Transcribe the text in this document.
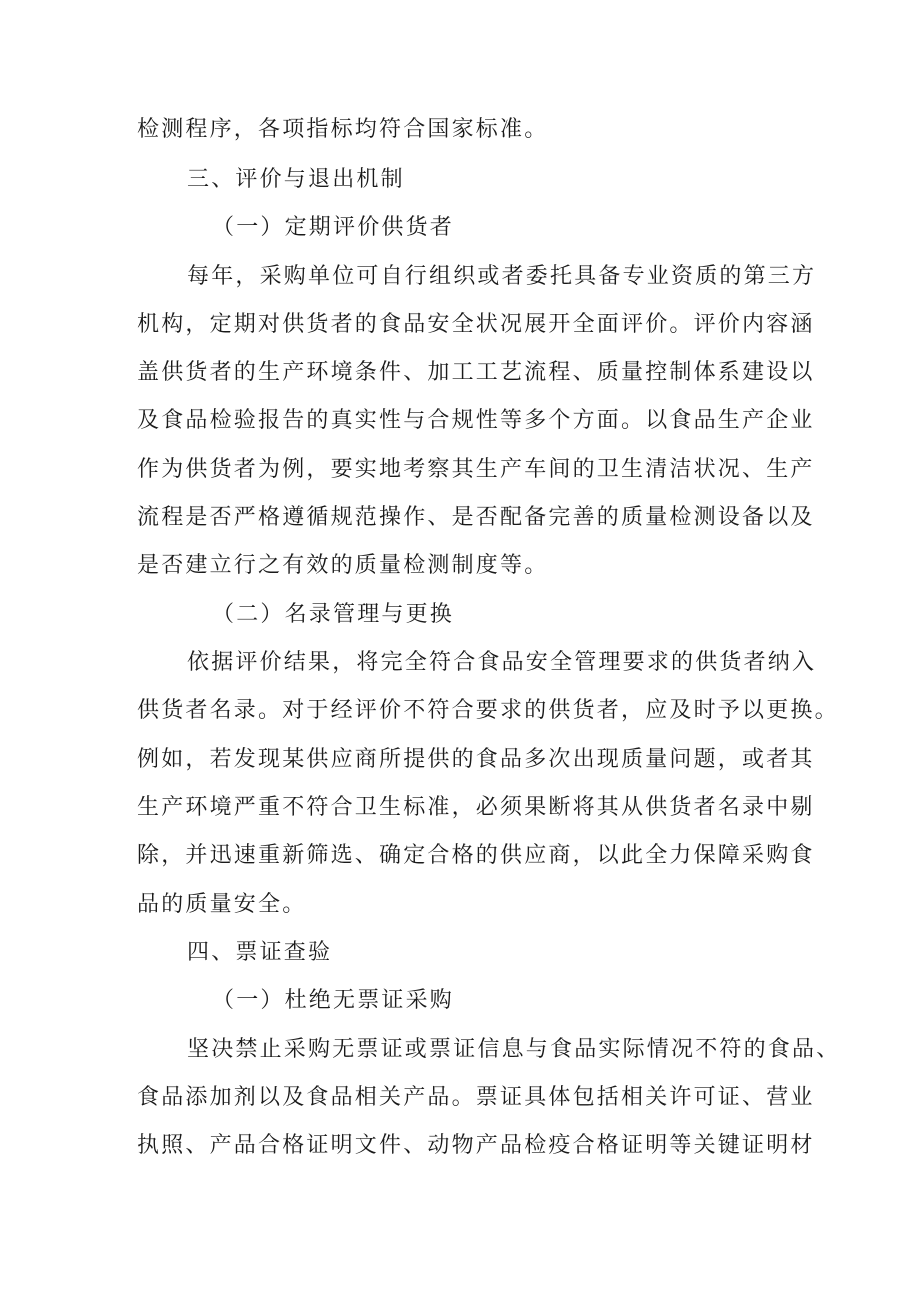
检测程序，各项指标均符合国家标准。
三、评价与退出机制
（一）定期评价供货者
每年，采购单位可自行组织或者委托具备专业资质的第三方
机构，定期对供货者的食品安全状况展开全面评价。评价内容涵
盖供货者的生产环境条件、加工工艺流程、质量控制体系建设以
及食品检验报告的真实性与合规性等多个方面。以食品生产企业
作为供货者为例，要实地考察其生产车间的卫生清洁状况、生产
流程是否严格遵循规范操作、是否配备完善的质量检测设备以及
是否建立行之有效的质量检测制度等。
（二）名录管理与更换
依据评价结果，将完全符合食品安全管理要求的供货者纳入
供货者名录。对于经评价不符合要求的供货者，应及时予以更换。
例如，若发现某供应商所提供的食品多次出现质量问题，或者其
生产环境严重不符合卫生标准，必须果断将其从供货者名录中剔
除，并迅速重新筛选、确定合格的供应商，以此全力保障采购食
品的质量安全。
四、票证查验
（一）杜绝无票证采购
坚决禁止采购无票证或票证信息与食品实际情况不符的食品、
食品添加剂以及食品相关产品。票证具体包括相关许可证、营业
执照、产品合格证明文件、动物产品检疫合格证明等关键证明材
